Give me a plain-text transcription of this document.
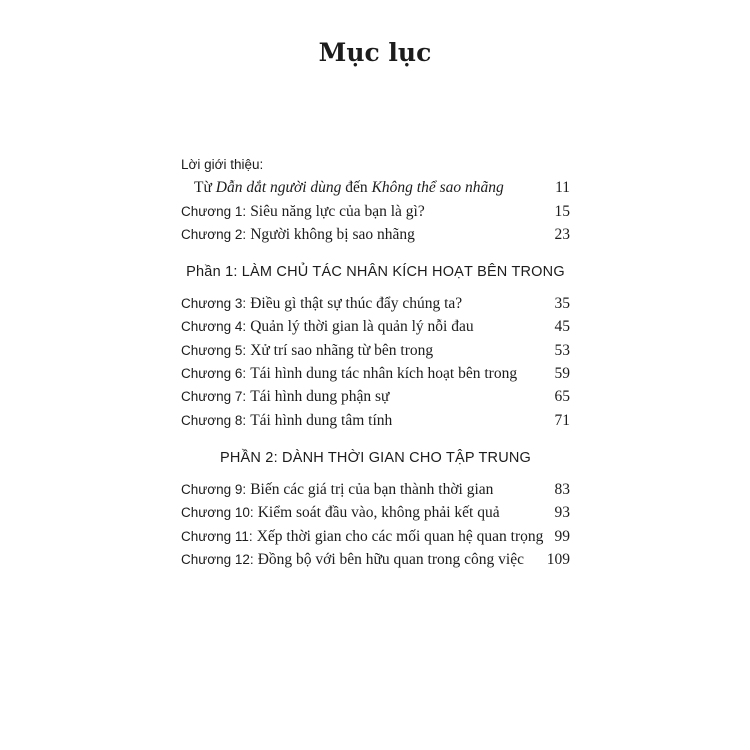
Mục lục
Lời giới thiệu:
Từ Dẫn dắt người dùng đến Không thể sao nhãng	11
Chương 1: Siêu năng lực của bạn là gì?	15
Chương 2: Người không bị sao nhãng	23
Phần 1: LÀM CHỦ TÁC NHÂN KÍCH HOẠT BÊN TRONG
Chương 3: Điều gì thật sự thúc đẩy chúng ta?	35
Chương 4: Quản lý thời gian là quản lý nỗi đau	45
Chương 5: Xử trí sao nhãng từ bên trong	53
Chương 6: Tái hình dung tác nhân kích hoạt bên trong 59
Chương 7: Tái hình dung phận sự	65
Chương 8: Tái hình dung tâm tính	71
PHẦN 2: DÀNH THỜI GIAN CHO TẬP TRUNG
Chương 9: Biến các giá trị của bạn thành thời gian	83
Chương 10: Kiểm soát đầu vào, không phải kết quả	93
Chương 11: Xếp thời gian cho các mối quan hệ quan trọng 99
Chương 12: Đồng bộ với bên hữu quan trong công việc 109
